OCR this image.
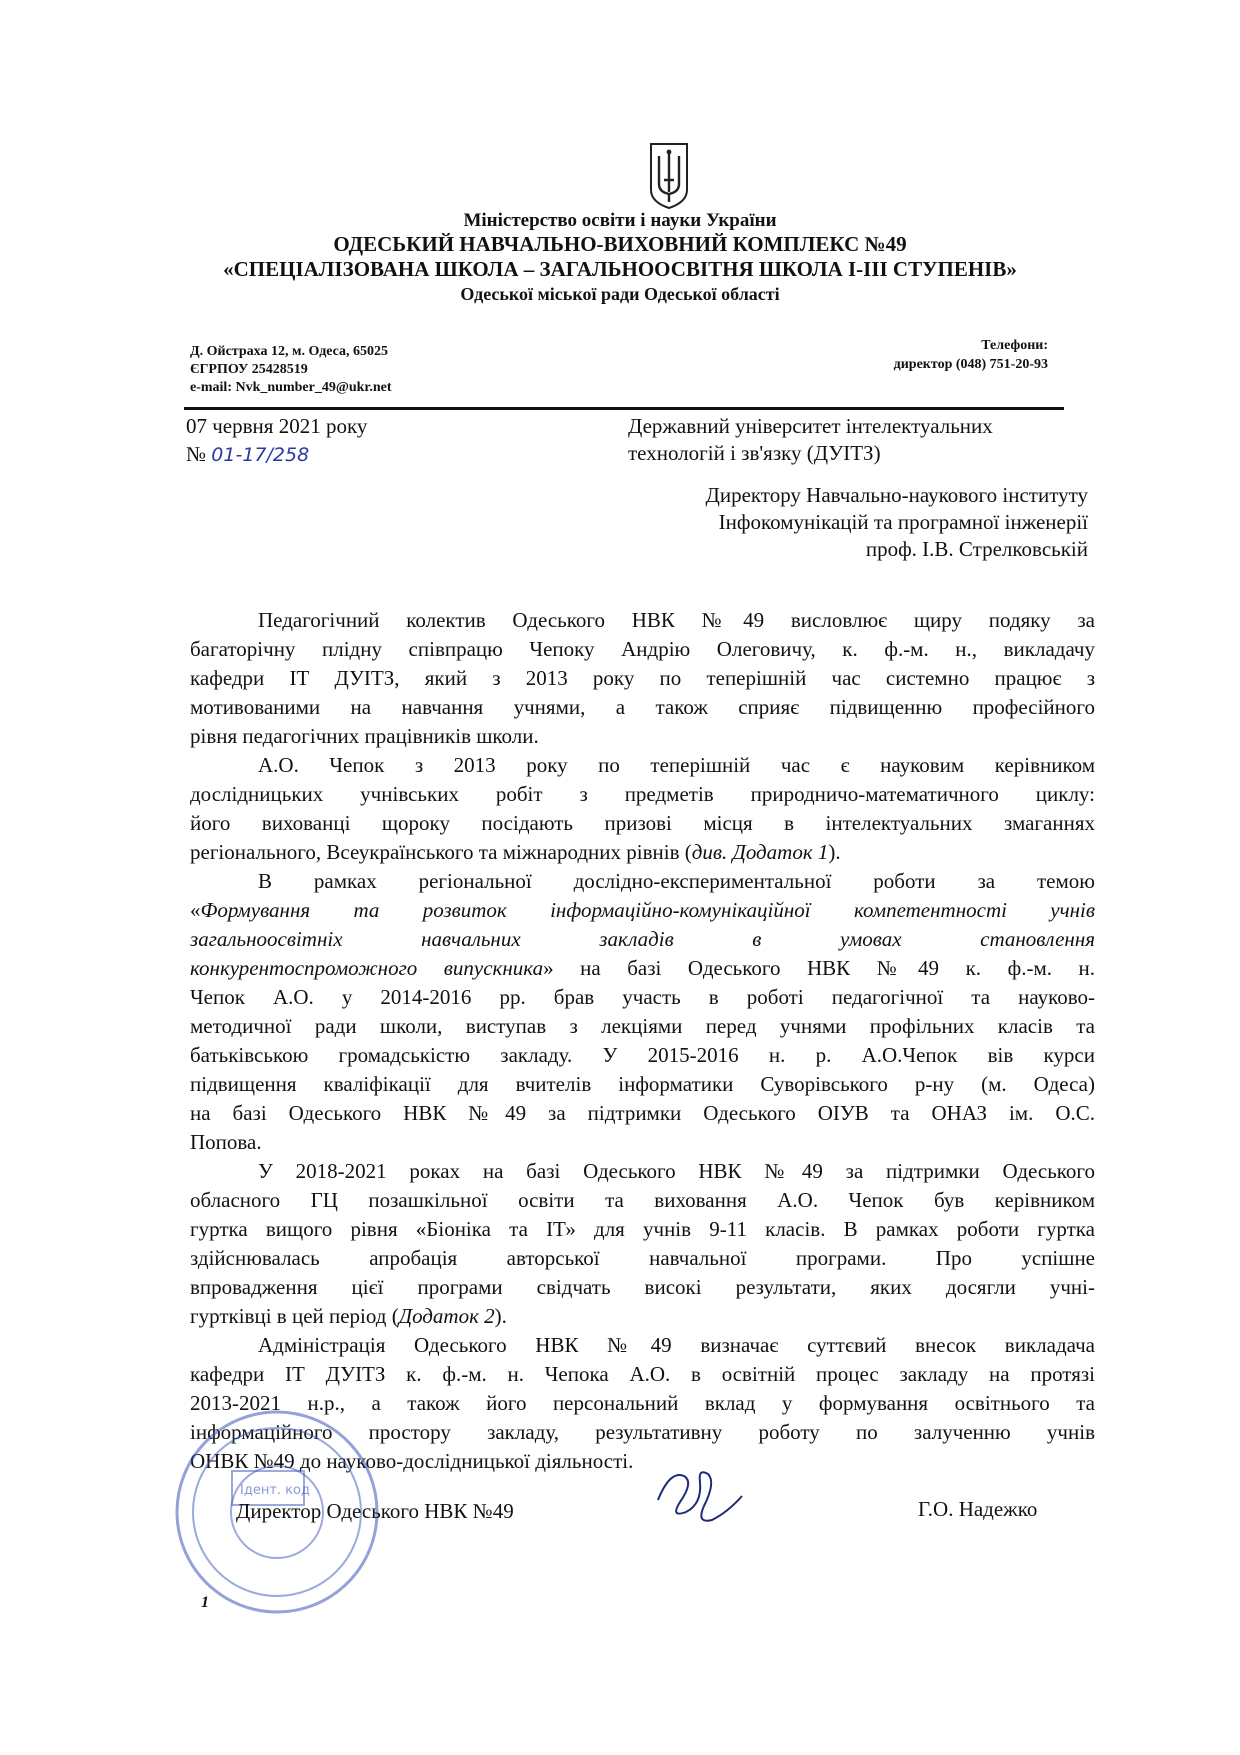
Міністерство освіти і науки України

ОДЕСЬКИЙ НАВЧАЛЬНО-ВИХОВНИЙ КОМПЛЕКС №49

«СПЕЦІАЛІЗОВАНА ШКОЛА – ЗАГАЛЬНООСВІТНЯ ШКОЛА I-III СТУПЕНІВ»

Одеської міської ради Одеської області

Д. Ойстраха 12, м. Одеса, 65025
ЄГРПОУ 25428519
e-mail: Nvk_number_49@ukr.net
Телефони:
директор (048) 751-20-93
07 червня 2021 року
№ 01-17/258
Державний університет інтелектуальних
технологій і зв'язку (ДУІТЗ)
Директору Навчально-наукового інституту
Інфокомунікацій та програмної інженерії
проф. І.В. Стрелковській
Педагогічний колектив Одеського НВК №49 висловлює щиру подяку за
багаторічну плідну співпрацю Чепоку Андрію Олеговичу, к. ф.-м. н., викладачу
кафедри ІТ ДУІТЗ, який з 2013 року по теперішній час системно працює з
мотивованими на навчання учнями, а також сприяє підвищенню професійного
рівня педагогічних працівників школи.
А.О. Чепок з 2013 року по теперішній час є науковим керівником
дослідницьких учнівських робіт з предметів природничо-математичного циклу:
його вихованці щороку посідають призові місця в інтелектуальних змаганнях
регіонального, Всеукраїнського та міжнародних рівнів (див. Додаток 1).
В рамках регіональної дослідно-експериментальної роботи за темою
«Формування та розвиток інформаційно-комунікаційної компетентності учнів
загальноосвітніх навчальних закладів в умовах становлення
конкурентоспроможного випускника» на базі Одеського НВК №49 к. ф.-м. н.
Чепок А.О. у 2014-2016 рр. брав участь в роботі педагогічної та науково-
методичної ради школи, виступав з лекціями перед учнями профільних класів та
батьківською громадськістю закладу. У 2015-2016 н. р. А.О.Чепок вів курси
підвищення кваліфікації для вчителів інформатики Суворівського р-ну (м. Одеса)
на базі Одеського НВК №49 за підтримки Одеського ОІУВ та ОНАЗ ім. О.С.
Попова.
У 2018-2021 роках на базі Одеського НВК №49 за підтримки Одеського
обласного ГЦ позашкільної освіти та виховання А.О. Чепок був керівником
гуртка вищого рівня «Біоніка та ІТ» для учнів 9-11 класів. В рамках роботи гуртка
здійснювалась апробація авторської навчальної програми. Про успішне
впровадження цієї програми свідчать високі результати, яких досягли учні-
гуртківці в цей період (Додаток 2).
Адміністрація Одеського НВК №49 визначає суттєвий внесок викладача
кафедри ІТ ДУІТЗ к. ф.-м. н. Чепока А.О. в освітній процес закладу на протязі
2013-2021 н.р., а також його персональний вклад у формування освітнього та
інформаційного простору закладу, результативну роботу по залученню учнів
ОНВК №49 до науково-дослідницької діяльності.
Ідент. код
Директор Одеського НВК №49	Г.О. Надежко
1
